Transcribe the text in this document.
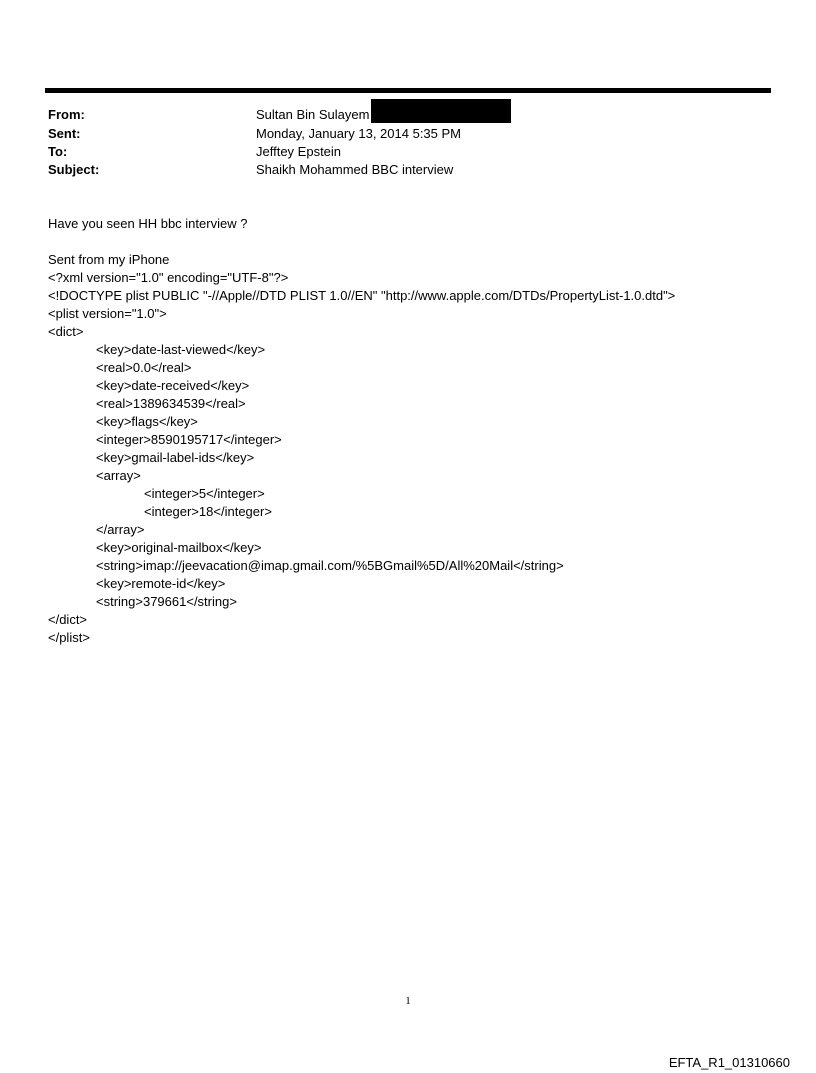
From:	Sultan Bin Sulayem
Sent:	Monday, January 13, 2014 5:35 PM
To:	Jefftey Epstein
Subject:	Shaikh Mohammed BBC interview
Have you seen HH bbc interview ?
Sent from my iPhone
<?xml version="1.0" encoding="UTF-8"?>
<!DOCTYPE plist PUBLIC "-//Apple//DTD PLIST 1.0//EN" "http://www.apple.com/DTDs/PropertyList-1.0.dtd">
<plist version="1.0">
<dict>
<key>date-last-viewed</key>
<real>0.0</real>
<key>date-received</key>
<real>1389634539</real>
<key>flags</key>
<integer>8590195717</integer>
<key>gmail-label-ids</key>
<array>
<integer>5</integer>
<integer>18</integer>
</array>
<key>original-mailbox</key>
<string>imap://jeevacation@imap.gmail.com/%5BGmail%5D/All%20Mail</string>
<key>remote-id</key>
<string>379661</string>
</dict>
</plist>
1
EFTA_R1_01310660
